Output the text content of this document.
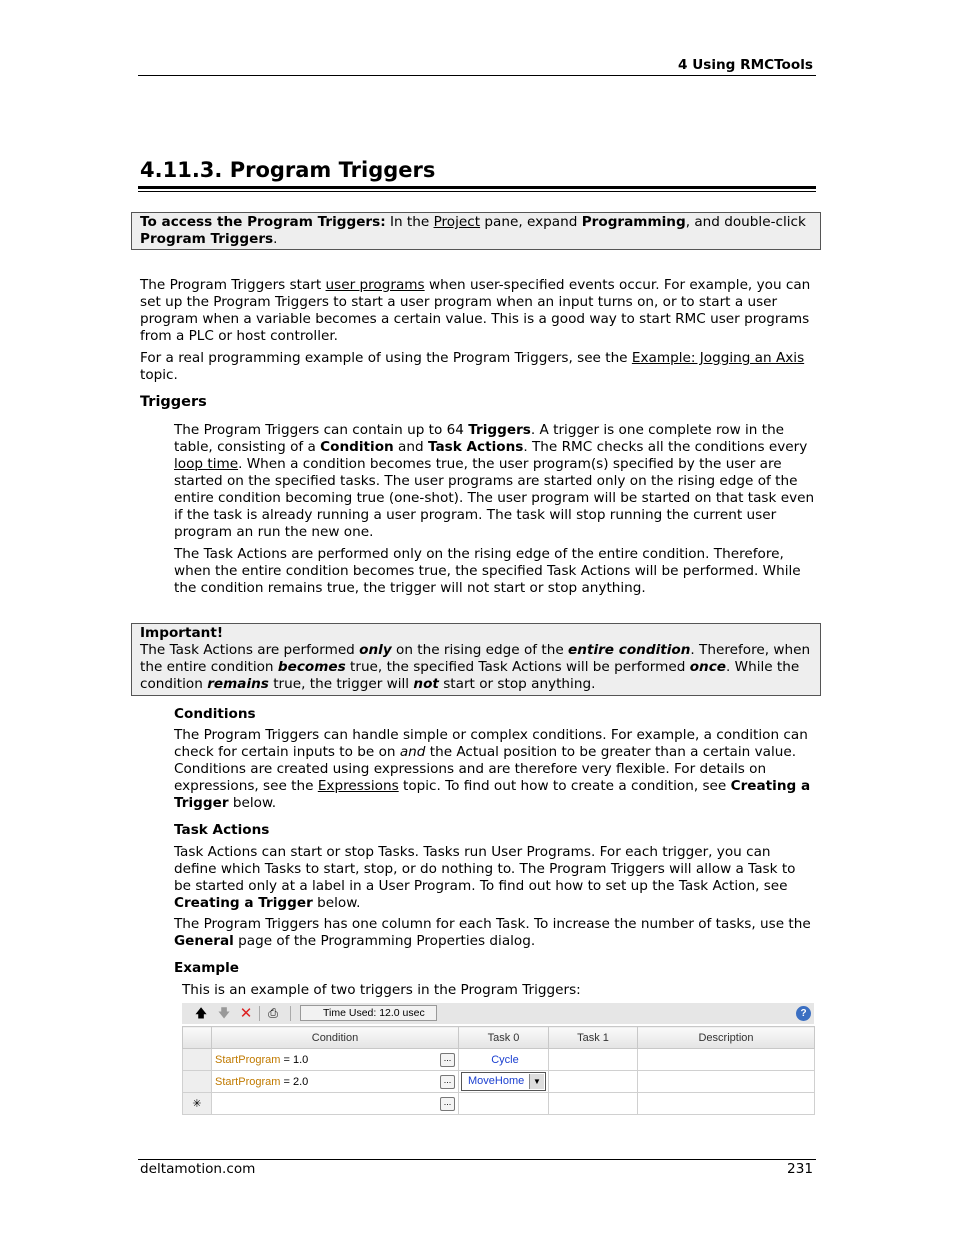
4 Using RMCTools
4.11.3. Program Triggers
To access the Program Triggers: In the Project pane, expand Programming, and double-click Program Triggers.
The Program Triggers start user programs when user-specified events occur. For example, you can set up the Program Triggers to start a user program when an input turns on, or to start a user program when a variable becomes a certain value. This is a good way to start RMC user programs from a PLC or host controller.
For a real programming example of using the Program Triggers, see the Example: Jogging an Axis topic.
Triggers
The Program Triggers can contain up to 64 Triggers. A trigger is one complete row in the table, consisting of a Condition and Task Actions. The RMC checks all the conditions every loop time. When a condition becomes true, the user program(s) specified by the user are started on the specified tasks. The user programs are started only on the rising edge of the entire condition becoming true (one-shot). The user program will be started on that task even if the task is already running a user program. The task will stop running the current user program an run the new one.
The Task Actions are performed only on the rising edge of the entire condition. Therefore, when the entire condition becomes true, the specified Task Actions will be performed. While the condition remains true, the trigger will not start or stop anything.
Important!
The Task Actions are performed only on the rising edge of the entire condition. Therefore, when the entire condition becomes true, the specified Task Actions will be performed once. While the condition remains true, the trigger will not start or stop anything.
Conditions
The Program Triggers can handle simple or complex conditions. For example, a condition can check for certain inputs to be on and the Actual position to be greater than a certain value. Conditions are created using expressions and are therefore very flexible. For details on expressions, see the Expressions topic. To find out how to create a condition, see Creating a Trigger below.
Task Actions
Task Actions can start or stop Tasks. Tasks run User Programs. For each trigger, you can define which Tasks to start, stop, or do nothing to. The Program Triggers will allow a Task to be started only at a label in a User Program. To find out how to set up the Task Action, see Creating a Trigger below.
The Program Triggers has one column for each Task. To increase the number of tasks, use the General page of the Programming Properties dialog.
Example
This is an example of two triggers in the Program Triggers:
🡅 🡇 ✕	⎙	Time Used: 12.0 usec	?
	Condition	Task 0	Task 1	Description
	StartProgram = 1.0 ...	Cycle		
	StartProgram = 2.0 ...	MoveHome ▼		

✳	...			

deltamotion.com	231
